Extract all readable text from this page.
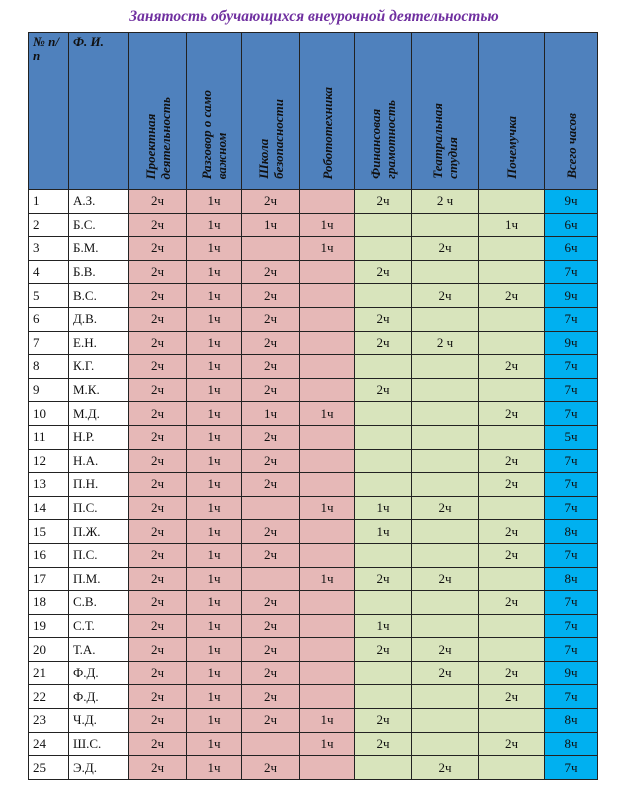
Занятость обучающихся внеурочной деятельностью
№ п/п	Ф. И.	Проектная
деятельность	Разговор о само
важном	Школа
безопасности	Робототехника	Финансовая
грамотность	Театральная
студия	Почемучка	Всего часов
1	А.З.	2ч	1ч	2ч		2ч	2 ч		9ч
2	Б.С.	2ч	1ч	1ч	1ч			1ч	6ч
3	Б.М.	2ч	1ч		1ч		2ч		6ч
4	Б.В.	2ч	1ч	2ч		2ч			7ч
5	В.С.	2ч	1ч	2ч			2ч	2ч	9ч
6	Д.В.	2ч	1ч	2ч		2ч			7ч
7	Е.Н.	2ч	1ч	2ч		2ч	2 ч		9ч
8	К.Г.	2ч	1ч	2ч				2ч	7ч
9	М.К.	2ч	1ч	2ч		2ч			7ч
10	М.Д.	2ч	1ч	1ч	1ч			2ч	7ч
11	Н.Р.	2ч	1ч	2ч					5ч
12	Н.А.	2ч	1ч	2ч				2ч	7ч
13	П.Н.	2ч	1ч	2ч				2ч	7ч
14	П.С.	2ч	1ч		1ч	1ч	2ч		7ч
15	П.Ж.	2ч	1ч	2ч		1ч		2ч	8ч
16	П.С.	2ч	1ч	2ч				2ч	7ч
17	П.М.	2ч	1ч		1ч	2ч	2ч		8ч
18	С.В.	2ч	1ч	2ч				2ч	7ч
19	С.Т.	2ч	1ч	2ч		1ч			7ч
20	Т.А.	2ч	1ч	2ч		2ч	2ч		7ч
21	Ф.Д.	2ч	1ч	2ч			2ч	2ч	9ч
22	Ф.Д.	2ч	1ч	2ч				2ч	7ч
23	Ч.Д.	2ч	1ч	2ч	1ч	2ч			8ч
24	Ш.С.	2ч	1ч		1ч	2ч		2ч	8ч
25	Э.Д.	2ч	1ч	2ч			2ч		7ч
